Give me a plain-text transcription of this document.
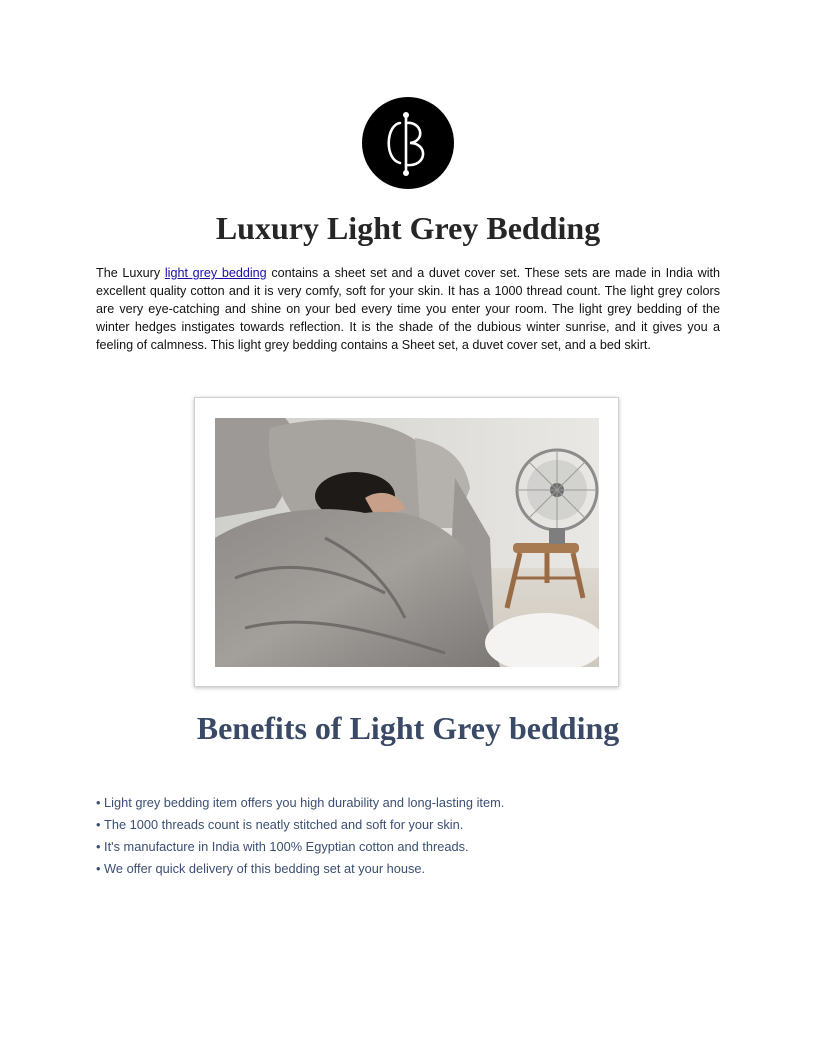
Luxury Light Grey Bedding

The Luxury light grey bedding contains a sheet set and a duvet cover set. These sets are made in India with excellent quality cotton and it is very comfy, soft for your skin. It has a 1000 thread count. The light grey colors are very eye-catching and shine on your bed every time you enter your room. The light grey bedding of the winter hedges instigates towards reflection. It is the shade of the dubious winter sunrise, and it gives you a feeling of calmness. This light grey bedding contains a Sheet set, a duvet cover set, and a bed skirt.

Benefits of Light Grey bedding
• Light grey bedding item offers you high durability and long-lasting item.
• The 1000 threads count is neatly stitched and soft for your skin.
• It's manufacture in India with 100% Egyptian cotton and threads.
• We offer quick delivery of this bedding set at your house.
